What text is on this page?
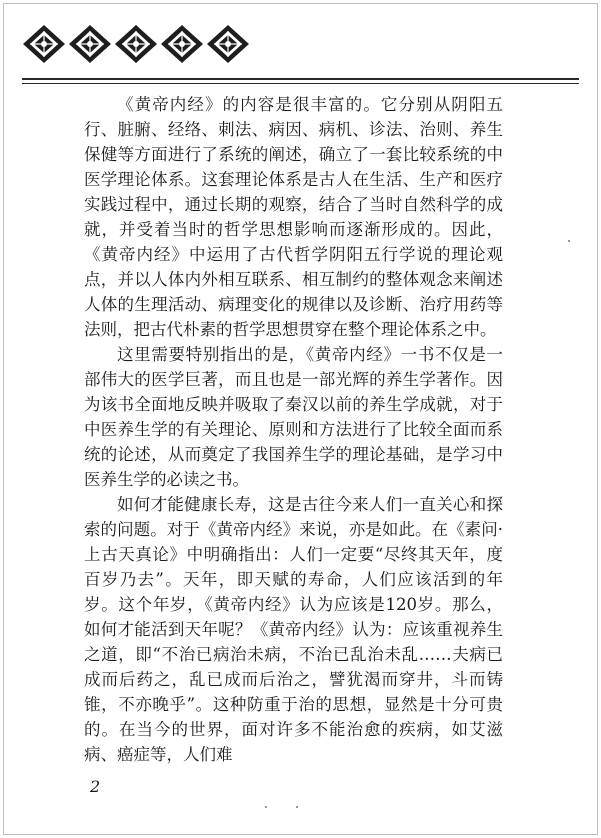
《黄帝内经》的内容是很丰富的。它分别从阴阳五行、脏腑、经络、刺法、病因、病机、诊法、治则、养生保健等方面进行了系统的阐述，确立了一套比较系统的中医学理论体系。这套理论体系是古人在生活、生产和医疗实践过程中，通过长期的观察，结合了当时自然科学的成就，并受着当时的哲学思想影响而逐渐形成的。因此，《黄帝内经》中运用了古代哲学阴阳五行学说的理论观点，并以人体内外相互联系、相互制约的整体观念来阐述人体的生理活动、病理变化的规律以及诊断、治疗用药等法则，把古代朴素的哲学思想贯穿在整个理论体系之中。

这里需要特别指出的是，《黄帝内经》一书不仅是一部伟大的医学巨著，而且也是一部光辉的养生学著作。因为该书全面地反映并吸取了秦汉以前的养生学成就，对于中医养生学的有关理论、原则和方法进行了比较全面而系统的论述，从而奠定了我国养生学的理论基础，是学习中医养生学的必读之书。

如何才能健康长寿，这是古往今来人们一直关心和探索的问题。对于《黄帝内经》来说，亦是如此。在《素问·上古天真论》中明确指出：人们一定要“尽终其天年，度百岁乃去”。天年，即天赋的寿命，人们应该活到的年岁。这个年岁，《黄帝内经》认为应该是120岁。那么，如何才能活到天年呢？《黄帝内经》认为：应该重视养生之道，即“不治已病治未病，不治已乱治未乱……夫病已成而后药之，乱已成而后治之，譬犹渴而穿井，斗而铸锥，不亦晚乎”。这种防重于治的思想，显然是十分可贵的。在当今的世界，面对许多不能治愈的疾病，如艾滋病、癌症等，人们难

2
